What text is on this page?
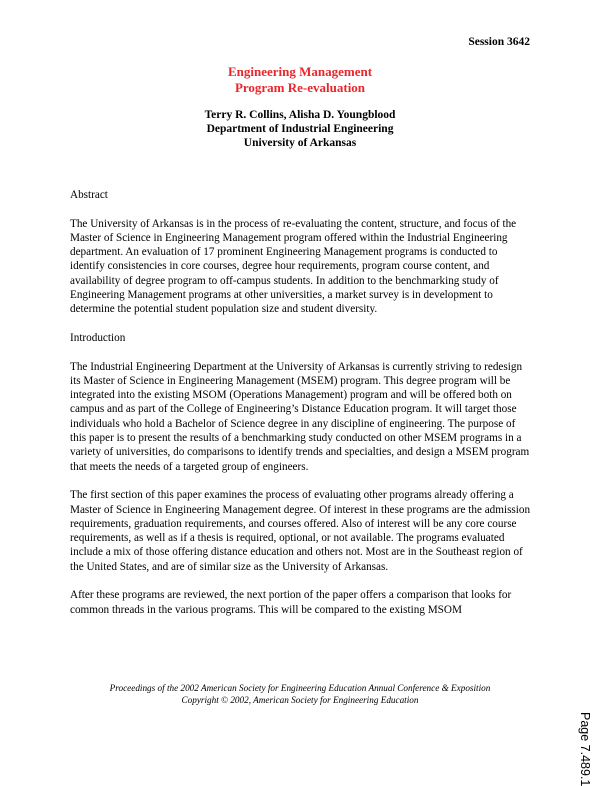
Session 3642
Engineering Management
Program Re-evaluation
Terry R. Collins, Alisha D. Youngblood
Department of Industrial Engineering
University of Arkansas

Abstract

The University of Arkansas is in the process of re-evaluating the content, structure, and focus of the Master of Science in Engineering Management program offered within the Industrial Engineering department. An evaluation of 17 prominent Engineering Management programs is conducted to identify consistencies in core courses, degree hour requirements, program course content, and availability of degree program to off-campus students. In addition to the benchmarking study of Engineering Management programs at other universities, a market survey is in development to determine the potential student population size and student diversity.

Introduction

The Industrial Engineering Department at the University of Arkansas is currently striving to redesign its Master of Science in Engineering Management (MSEM) program. This degree program will be integrated into the existing MSOM (Operations Management) program and will be offered both on campus and as part of the College of Engineering’s Distance Education program. It will target those individuals who hold a Bachelor of Science degree in any discipline of engineering. The purpose of this paper is to present the results of a benchmarking study conducted on other MSEM programs in a variety of universities, do comparisons to identify trends and specialties, and design a MSEM program that meets the needs of a targeted group of engineers.

The first section of this paper examines the process of evaluating other programs already offering a Master of Science in Engineering Management degree. Of interest in these programs are the admission requirements, graduation requirements, and courses offered. Also of interest will be any core course requirements, as well as if a thesis is required, optional, or not available. The programs evaluated include a mix of those offering distance education and others not. Most are in the Southeast region of the United States, and are of similar size as the University of Arkansas.

After these programs are reviewed, the next portion of the paper offers a comparison that looks for common threads in the various programs. This will be compared to the existing MSOM

Proceedings of the 2002 American Society for Engineering Education Annual Conference & Exposition
Copyright © 2002, American Society for Engineering Education
Page 7.489.1
